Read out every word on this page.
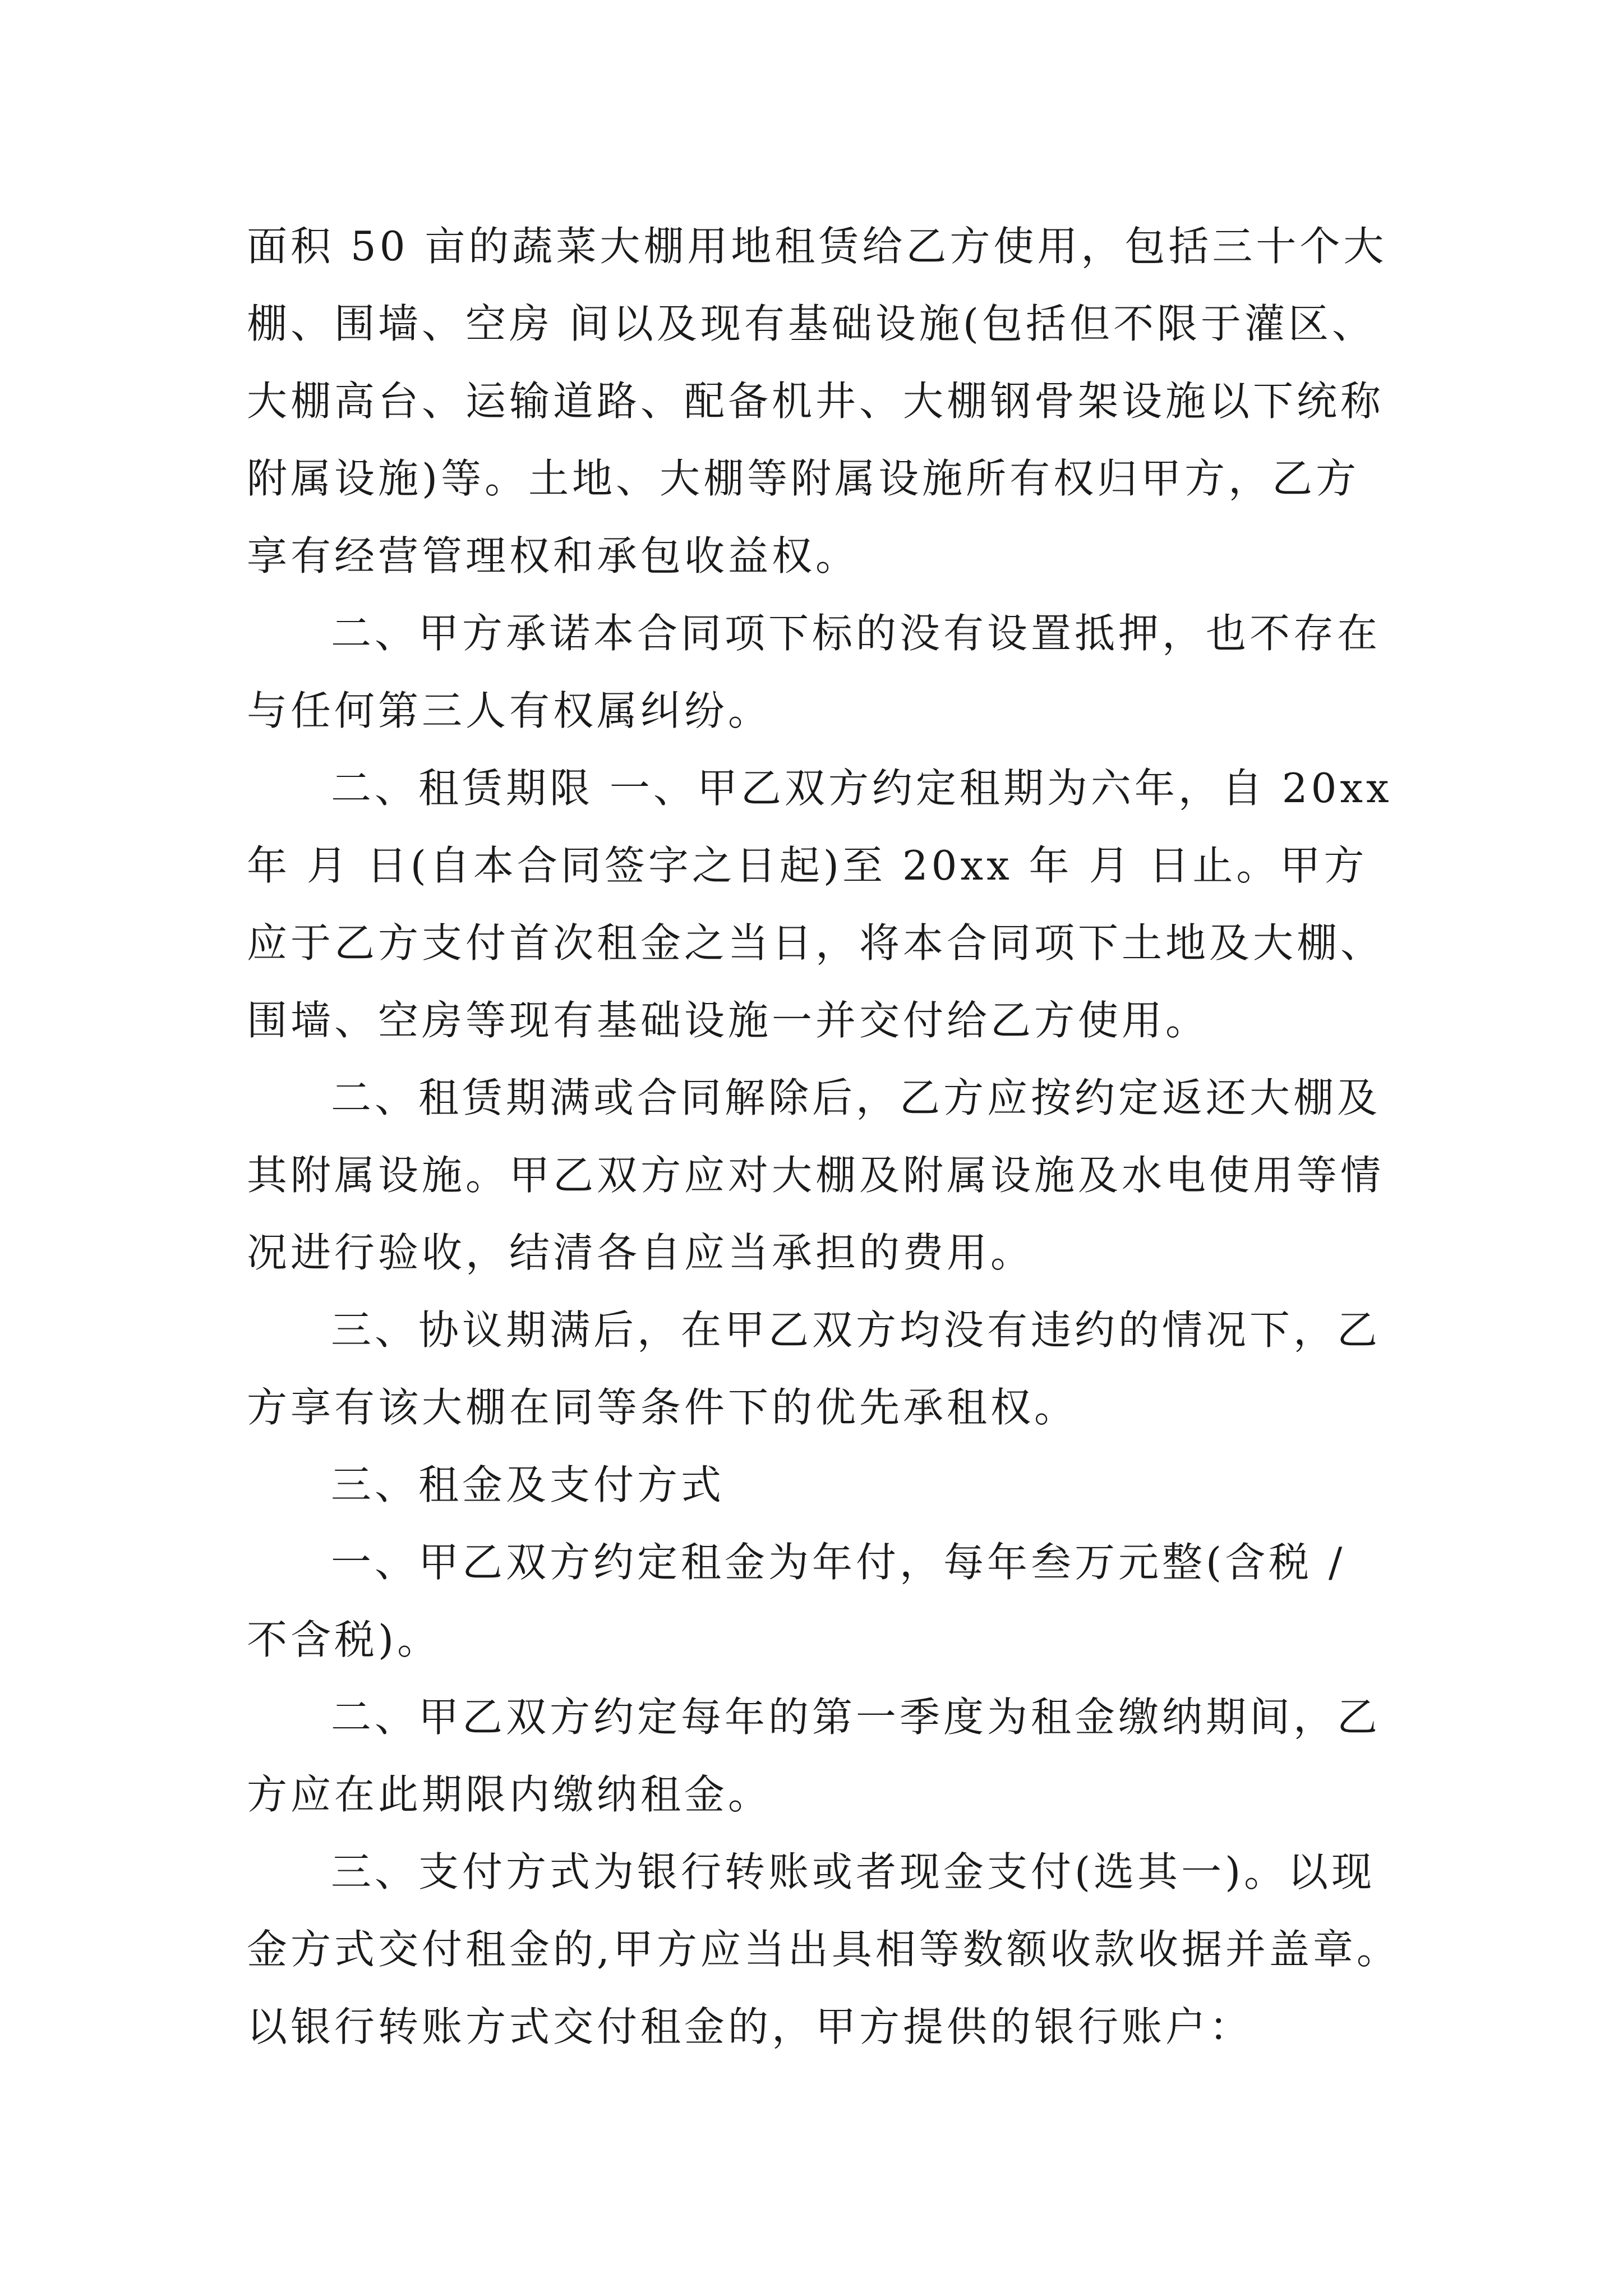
面积 50 亩的蔬菜大棚用地租赁给乙方使用，包括三十个大
棚、围墙、空房 间以及现有基础设施(包括但不限于灌区、
大棚高台、运输道路、配备机井、大棚钢骨架设施以下统称
附属设施)等。土地、大棚等附属设施所有权归甲方，乙方
享有经营管理权和承包收益权。
二、甲方承诺本合同项下标的没有设置抵押，也不存在
与任何第三人有权属纠纷。
二、租赁期限 一、甲乙双方约定租期为六年，自 20xx
年 月 日(自本合同签字之日起)至 20xx 年 月 日止。甲方
应于乙方支付首次租金之当日，将本合同项下土地及大棚、
围墙、空房等现有基础设施一并交付给乙方使用。
二、租赁期满或合同解除后，乙方应按约定返还大棚及
其附属设施。甲乙双方应对大棚及附属设施及水电使用等情
况进行验收，结清各自应当承担的费用。
三、协议期满后，在甲乙双方均没有违约的情况下，乙
方享有该大棚在同等条件下的优先承租权。
三、租金及支付方式
一、甲乙双方约定租金为年付，每年叁万元整(含税 /
不含税)。
二、甲乙双方约定每年的第一季度为租金缴纳期间，乙
方应在此期限内缴纳租金。
三、支付方式为银行转账或者现金支付(选其一)。以现
金方式交付租金的,甲方应当出具相等数额收款收据并盖章。
以银行转账方式交付租金的，甲方提供的银行账户：
